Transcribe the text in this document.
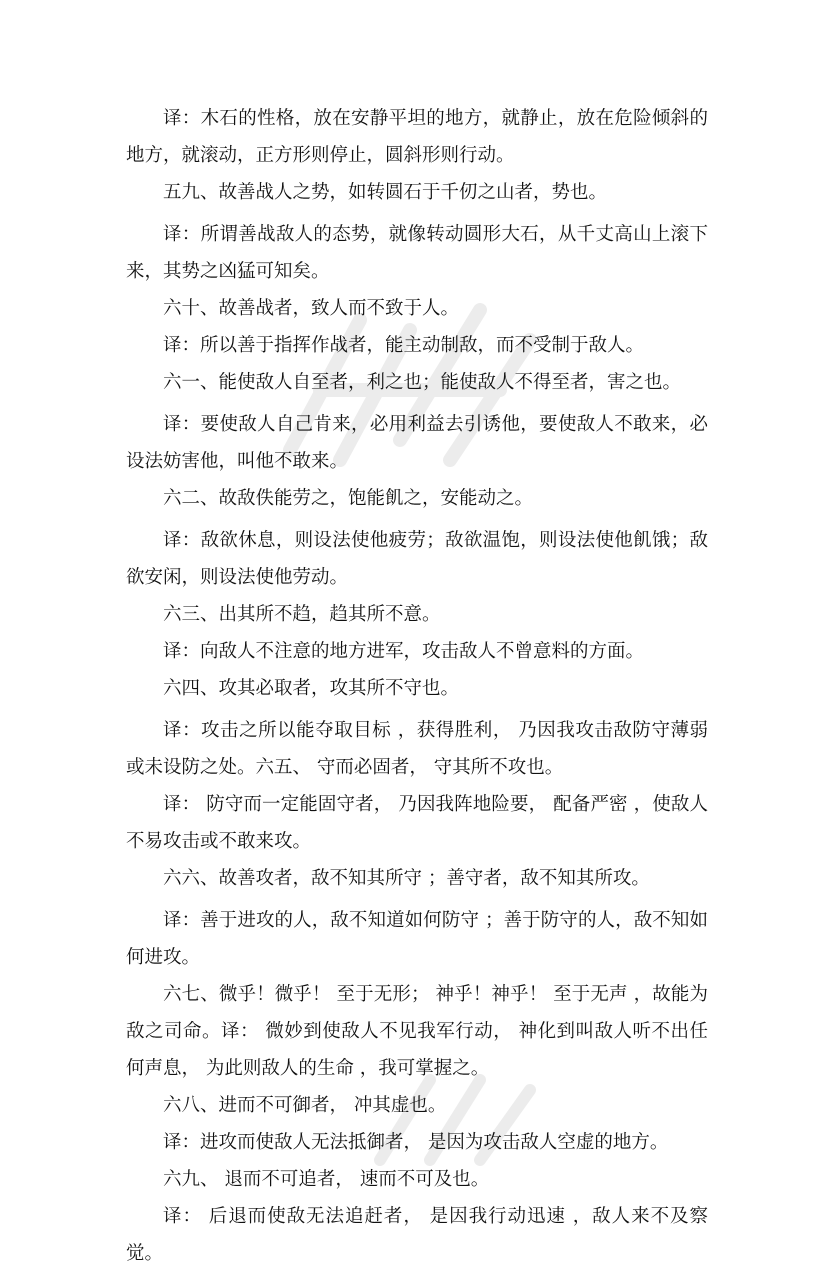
译：木石的性格，放在安静平坦的地方，就静止，放在危险倾斜的地方，就滚动，正方形则停止，圆斜形则行动。

五九、故善战人之势，如转圆石于千仞之山者，势也。

译：所谓善战敌人的态势，就像转动圆形大石，从千丈高山上滚下来，其势之凶猛可知矣。

六十、故善战者，致人而不致于人。

译：所以善于指挥作战者，能主动制敌，而不受制于敌人。

六一、能使敌人自至者，利之也；能使敌人不得至者，害之也。

译：要使敌人自己肯来，必用利益去引诱他，要使敌人不敢来，必设法妨害他，叫他不敢来。

六二、故敌佚能劳之，饱能飢之，安能动之。

译：敌欲休息，则设法使他疲劳；敌欲温饱，则设法使他飢饿；敌欲安闲，则设法使他劳动。

六三、出其所不趋，趋其所不意。

译：向敌人不注意的地方进军，攻击敌人不曾意料的方面。

六四、攻其必取者，攻其所不守也。

译：攻击之所以能夺取目标 ，获得胜利， 乃因我攻击敌防守薄弱或未设防之处。六五、 守而必固者， 守其所不攻也。

译： 防守而一定能固守者， 乃因我阵地险要， 配备严密 ，使敌人不易攻击或不敢来攻。

六六、故善攻者，敌不知其所守 ；善守者，敌不知其所攻。

译：善于进攻的人，敌不知道如何防守 ；善于防守的人，敌不知如何进攻。

六七、微乎！微乎！ 至于无形； 神乎！神乎！ 至于无声 ，故能为敌之司命。译： 微妙到使敌人不见我军行动， 神化到叫敌人听不出任何声息， 为此则敌人的生命 ，我可掌握之。

六八、进而不可御者， 冲其虚也。

译：进攻而使敌人无法抵御者， 是因为攻击敌人空虚的地方。

六九、 退而不可追者， 速而不可及也。

译： 后退而使敌无法追赶者， 是因我行动迅速 ，敌人来不及察觉。
